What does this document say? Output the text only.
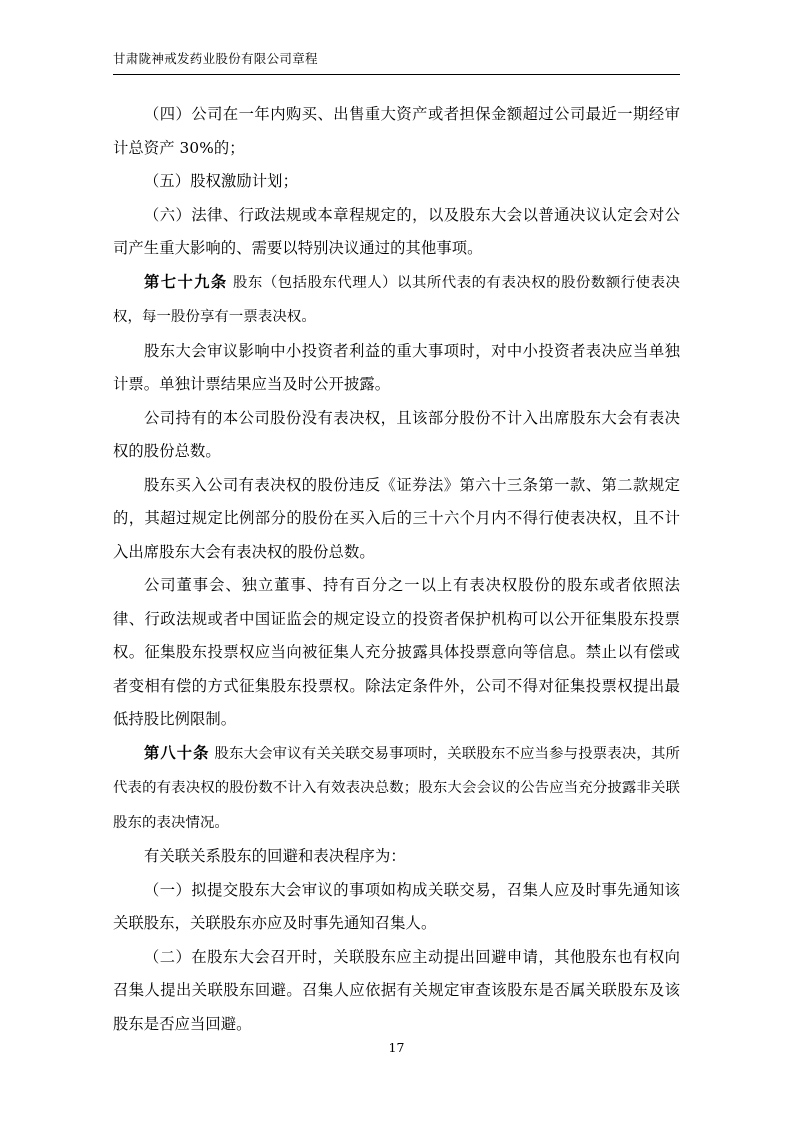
甘肃陇神戒发药业股份有限公司章程

（四）公司在一年内购买、出售重大资产或者担保金额超过公司最近一期经审计总资产 30%的；

（五）股权激励计划；

（六）法律、行政法规或本章程规定的，以及股东大会以普通决议认定会对公司产生重大影响的、需要以特别决议通过的其他事项。

第七十九条 股东（包括股东代理人）以其所代表的有表决权的股份数额行使表决权，每一股份享有一票表决权。

股东大会审议影响中小投资者利益的重大事项时，对中小投资者表决应当单独计票。单独计票结果应当及时公开披露。

公司持有的本公司股份没有表决权，且该部分股份不计入出席股东大会有表决权的股份总数。

股东买入公司有表决权的股份违反《证券法》第六十三条第一款、第二款规定的，其超过规定比例部分的股份在买入后的三十六个月内不得行使表决权，且不计入出席股东大会有表决权的股份总数。

公司董事会、独立董事、持有百分之一以上有表决权股份的股东或者依照法律、行政法规或者中国证监会的规定设立的投资者保护机构可以公开征集股东投票权。征集股东投票权应当向被征集人充分披露具体投票意向等信息。禁止以有偿或者变相有偿的方式征集股东投票权。除法定条件外，公司不得对征集投票权提出最低持股比例限制。

第八十条 股东大会审议有关关联交易事项时，关联股东不应当参与投票表决，其所代表的有表决权的股份数不计入有效表决总数；股东大会会议的公告应当充分披露非关联股东的表决情况。

有关联关系股东的回避和表决程序为：

（一）拟提交股东大会审议的事项如构成关联交易，召集人应及时事先通知该关联股东，关联股东亦应及时事先通知召集人。

（二）在股东大会召开时，关联股东应主动提出回避申请，其他股东也有权向召集人提出关联股东回避。召集人应依据有关规定审查该股东是否属关联股东及该股东是否应当回避。

17
